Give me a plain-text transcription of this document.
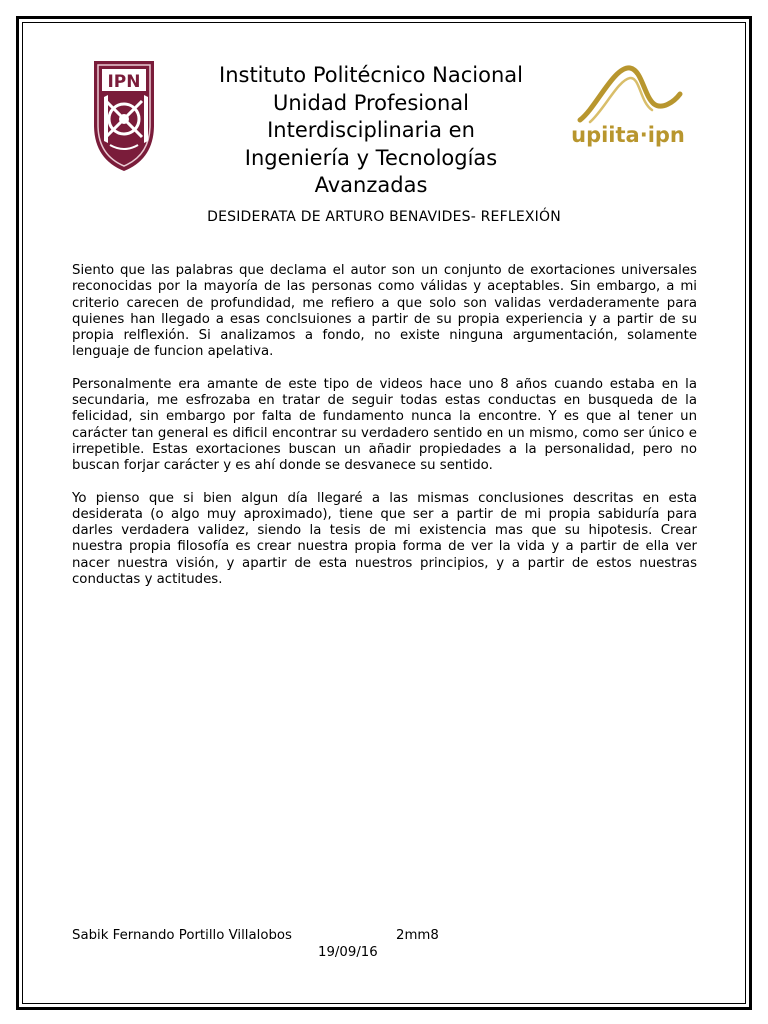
IPN
upiita·ipn
Instituto Politécnico Nacional
Unidad Profesional
Interdisciplinaria en
Ingeniería y Tecnologías
Avanzadas
DESIDERATA DE ARTURO BENAVIDES- REFLEXIÓN

Siento que las palabras que declama el autor son un conjunto de exortaciones universales reconocidas por la mayoría de las personas como válidas y aceptables. Sin embargo, a mi criterio carecen de profundidad, me refiero a que solo son validas verdaderamente para quienes han llegado a esas conclsuiones a partir de su propia experiencia y a partir de su propia relflexión. Si analizamos a fondo, no existe ninguna argumentación, solamente lenguaje de funcion apelativa.

Personalmente era amante de este tipo de videos hace uno 8 años cuando estaba en la secundaria, me esfrozaba en tratar de seguir todas estas conductas en busqueda de la felicidad, sin embargo por falta de fundamento nunca la encontre. Y es que al tener un carácter tan general es dificil encontrar su verdadero sentido en un mismo, como ser único e irrepetible. Estas exortaciones buscan un añadir propiedades a la personalidad, pero no buscan forjar carácter y es ahí donde se desvanece su sentido.

Yo pienso que si bien algun día llegaré a las mismas conclusiones descritas en esta desiderata (o algo muy aproximado), tiene que ser a partir de mi propia sabiduría para darles verdadera validez, siendo la tesis de mi existencia mas que su hipotesis. Crear nuestra propia filosofía es crear nuestra propia forma de ver la vida y a partir de ella ver nacer nuestra visión, y apartir de esta nuestros principios, y a partir de estos nuestras conductas y actitudes.

Sabik Fernando Portillo Villalobos	2mm8
19/09/16
